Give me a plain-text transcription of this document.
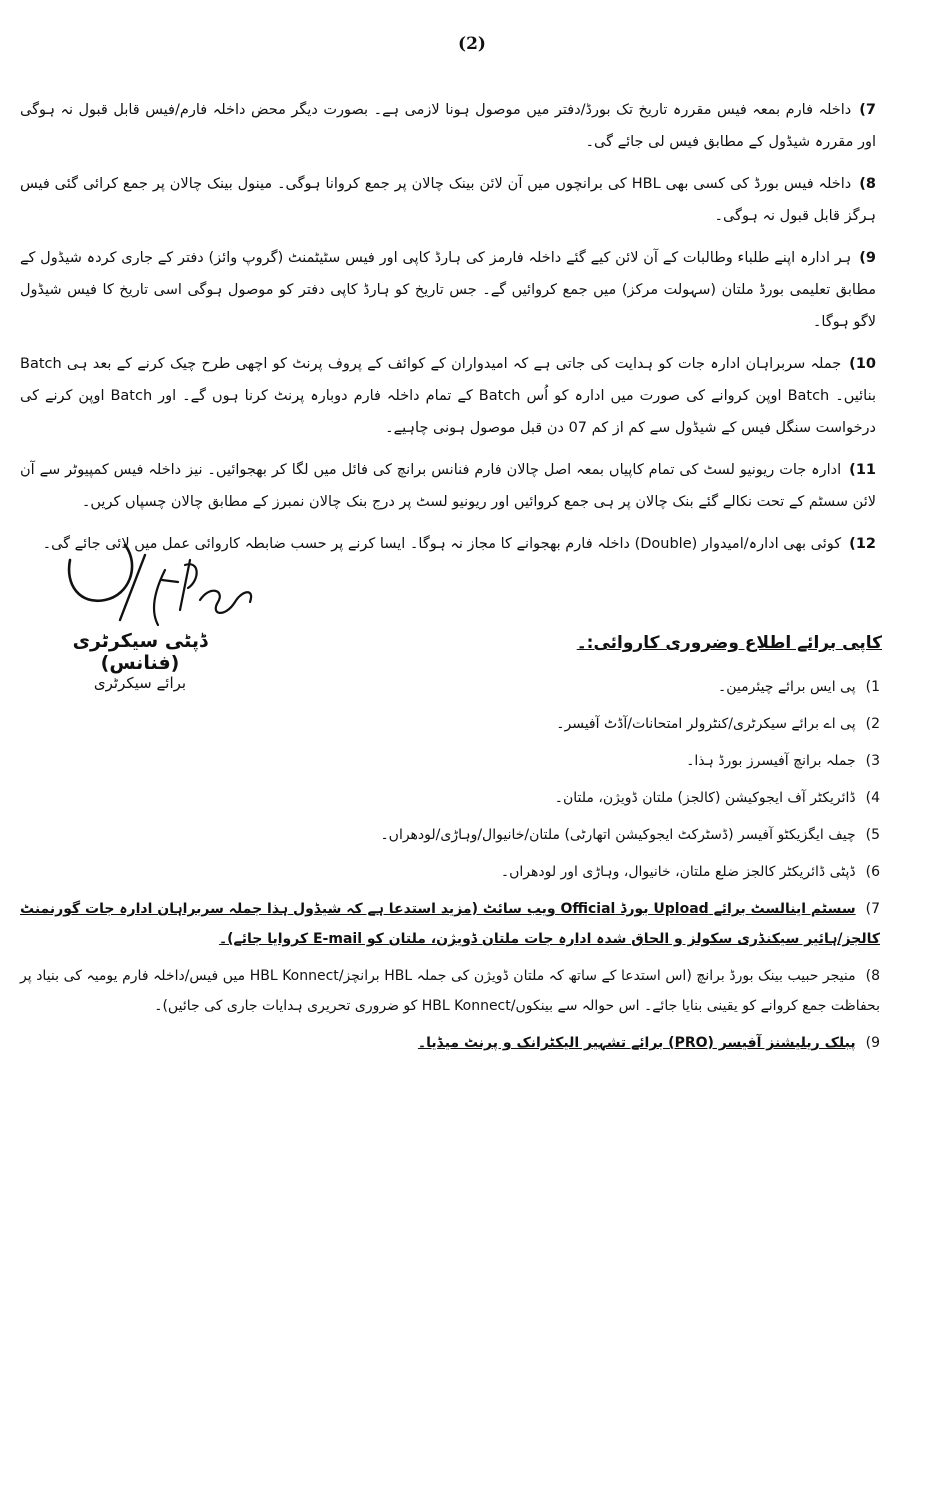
(2)

7)داخلہ فارم بمعہ فیس مقررہ تاریخ تک بورڈ/دفتر میں موصول ہونا لازمی ہے۔ بصورت دیگر محض داخلہ فارم/فیس قابل قبول نہ ہوگی اور مقررہ شیڈول کے مطابق فیس لی جائے گی۔

8)داخلہ فیس بورڈ کی کسی بھی HBL کی برانچوں میں آن لائن بینک چالان پر جمع کروانا ہوگی۔ مینول بینک چالان پر جمع کرائی گئی فیس ہرگز قابل قبول نہ ہوگی۔

9)ہر ادارہ اپنے طلباء وطالبات کے آن لائن کیے گئے داخلہ فارمز کی ہارڈ کاپی اور فیس سٹیٹمنٹ (گروپ وائز) دفتر کے جاری کردہ شیڈول کے مطابق تعلیمی بورڈ ملتان (سہولت مرکز) میں جمع کروائیں گے۔ جس تاریخ کو ہارڈ کاپی دفتر کو موصول ہوگی اسی تاریخ کا فیس شیڈول لاگو ہوگا۔

10)جملہ سربراہان ادارہ جات کو ہدایت کی جاتی ہے کہ امیدواران کے کوائف کے پروف پرنٹ کو اچھی طرح چیک کرنے کے بعد ہی Batch بنائیں۔ Batch اوپن کروانے کی صورت میں ادارہ کو اُس Batch کے تمام داخلہ فارم دوبارہ پرنٹ کرنا ہوں گے۔ اور Batch اوپن کرنے کی درخواست سنگل فیس کے شیڈول سے کم از کم 07 دن قبل موصول ہونی چاہیے۔

11)ادارہ جات ریونیو لسٹ کی تمام کاپیاں بمعہ اصل چالان فارم فنانس برانچ کی فائل میں لگا کر بھجوائیں۔ نیز داخلہ فیس کمپیوٹر سے آن لائن سسٹم کے تحت نکالے گئے بنک چالان پر ہی جمع کروائیں اور ریونیو لسٹ پر درج بنک چالان نمبرز کے مطابق چالان چسپاں کریں۔

12)کوئی بھی ادارہ/امیدوار (Double) داخلہ فارم بھجوانے کا مجاز نہ ہوگا۔ ایسا کرنے پر حسب ضابطہ کاروائی عمل میں لائی جائے گی۔

ڈپٹی سیکرٹری (فنانس)
برائے سیکرٹری
کاپی برائے اطلاع وضروری کاروائی:۔

1)پی ایس برائے چیئرمین۔

2)پی اے برائے سیکرٹری/کنٹرولر امتحانات/آڈٹ آفیسر۔

3)جملہ برانچ آفیسرز بورڈ ہذا۔

4)ڈائریکٹر آف ایجوکیشن (کالجز) ملتان ڈویژن، ملتان۔

5)چیف ایگزیکٹو آفیسر (ڈسٹرکٹ ایجوکیشن اتھارٹی) ملتان/خانیوال/وہاڑی/لودھراں۔

6)ڈپٹی ڈائریکٹر کالجز ضلع ملتان، خانیوال، وہاڑی اور لودھراں۔

7)سسٹم اینالسٹ برائے Upload بورڈ Official ویب سائٹ (مزید استدعا ہے کہ شیڈول ہذا جملہ سربراہان ادارہ جات گورنمنٹ کالجز/ہائیر سیکنڈری سکولز و الحاق شدہ ادارہ جات ملتان ڈویژن، ملتان کو E-mail کروایا جائے)۔

8)منیجر حبیب بینک بورڈ برانچ (اس استدعا کے ساتھ کہ ملتان ڈویژن کی جملہ HBL برانچز/HBL Konnect میں فیس/داخلہ فارم یومیہ کی بنیاد پر بحفاظت جمع کروانے کو یقینی بنایا جائے۔ اس حوالہ سے بینکوں/HBL Konnect کو ضروری تحریری ہدایات جاری کی جائیں)۔

9)پبلک ریلیشنز آفیسر (PRO) برائے تشہیر الیکٹرانک و پرنٹ میڈیا۔
